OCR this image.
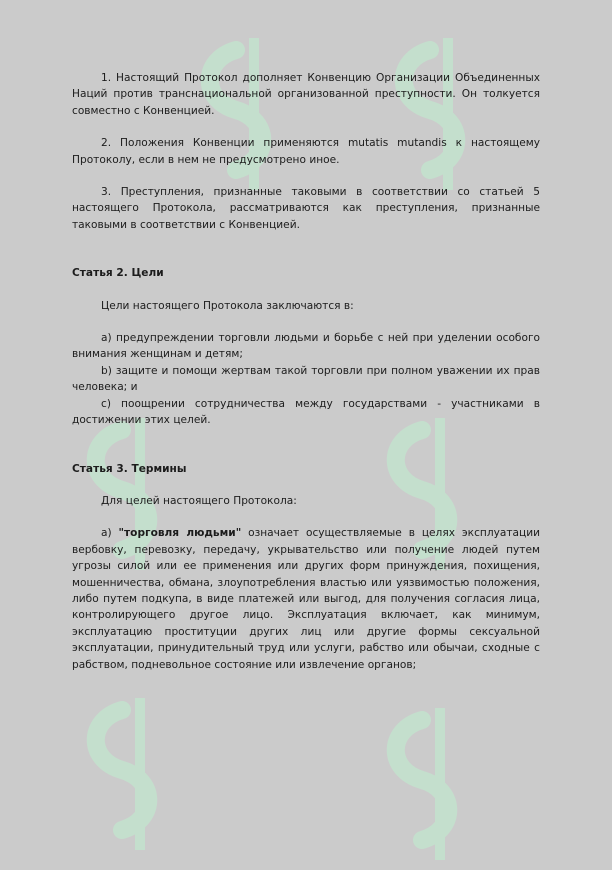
1. Настоящий Протокол дополняет Конвенцию Организации Объединенных Наций против транснациональной организованной преступности. Он толкуется совместно с Конвенцией.

2. Положения Конвенции применяются mutatis mutandis к настоящему Протоколу, если в нем не предусмотрено иное.

3. Преступления, признанные таковыми в соответствии со статьей 5 настоящего Протокола, рассматриваются как преступления, признанные таковыми в соответствии с Конвенцией.

Статья 2. Цели

Цели настоящего Протокола заключаются в:

а) предупреждении торговли людьми и борьбе с ней при уделении особого внимания женщинам и детям;

b) защите и помощи жертвам такой торговли при полном уважении их прав человека; и

с) поощрении сотрудничества между государствами - участниками в достижении этих целей.

Статья 3. Термины

Для целей настоящего Протокола:

а) "торговля людьми" означает осуществляемые в целях эксплуатации вербовку, перевозку, передачу, укрывательство или получение людей путем угрозы силой или ее применения или других форм принуждения, похищения, мошенничества, обмана, злоупотребления властью или уязвимостью положения, либо путем подкупа, в виде платежей или выгод, для получения согласия лица, контролирующего другое лицо. Эксплуатация включает, как минимум, эксплуатацию проституции других лиц или другие формы сексуальной эксплуатации, принудительный труд или услуги, рабство или обычаи, сходные с рабством, подневольное состояние или извлечение органов;
